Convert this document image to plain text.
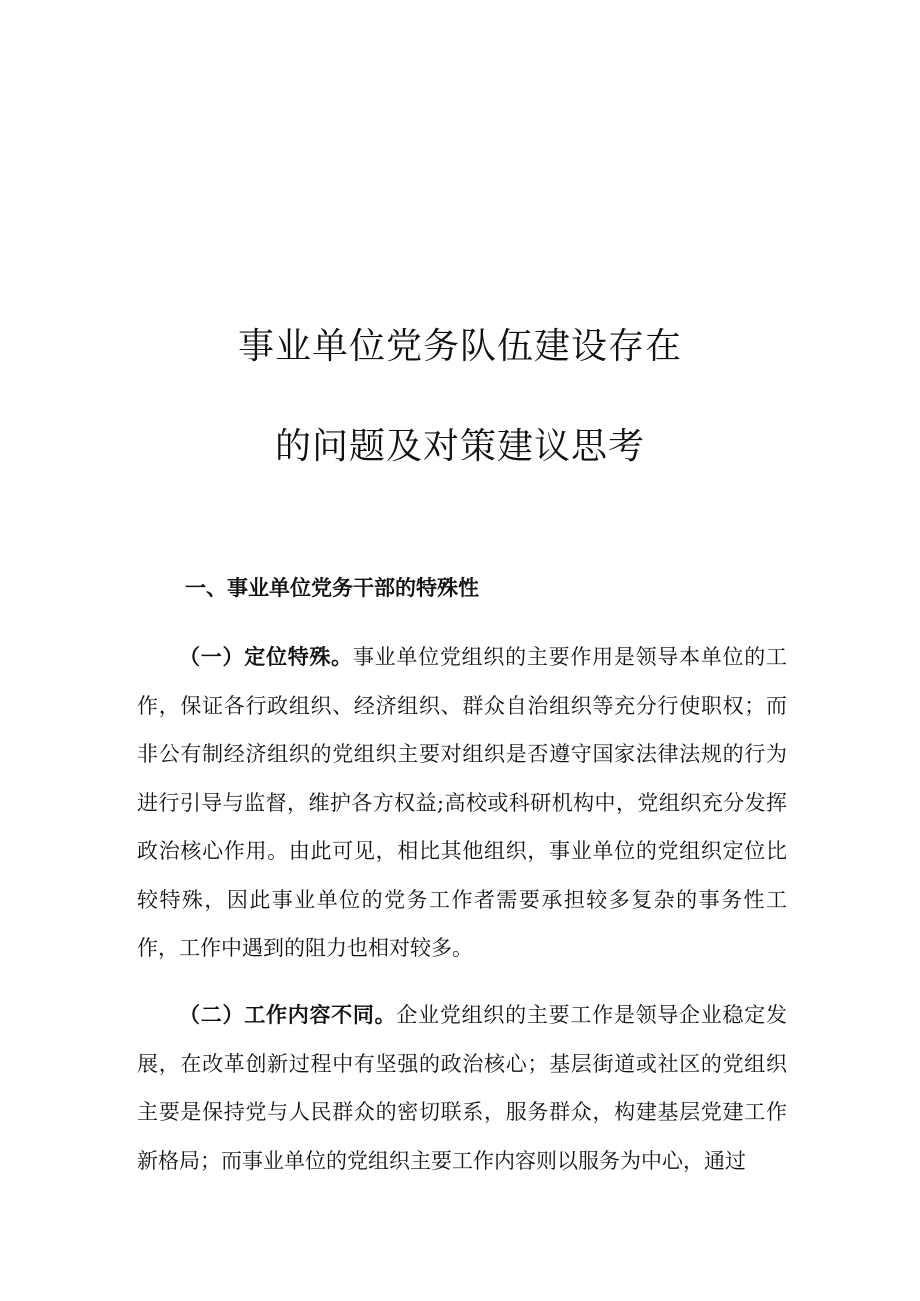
事业单位党务队伍建设存在
的问题及对策建议思考
一、事业单位党务干部的特殊性

（一）定位特殊。事业单位党组织的主要作用是领导本单位的工作，保证各行政组织、经济组织、群众自治组织等充分行使职权；而非公有制经济组织的党组织主要对组织是否遵守国家法律法规的行为进行引导与监督，维护各方权益;高校或科研机构中，党组织充分发挥政治核心作用。由此可见，相比其他组织，事业单位的党组织定位比较特殊，因此事业单位的党务工作者需要承担较多复杂的事务性工作，工作中遇到的阻力也相对较多。

（二）工作内容不同。企业党组织的主要工作是领导企业稳定发展，在改革创新过程中有坚强的政治核心；基层街道或社区的党组织主要是保持党与人民群众的密切联系，服务群众，构建基层党建工作新格局；而事业单位的党组织主要工作内容则以服务为中心，通过
